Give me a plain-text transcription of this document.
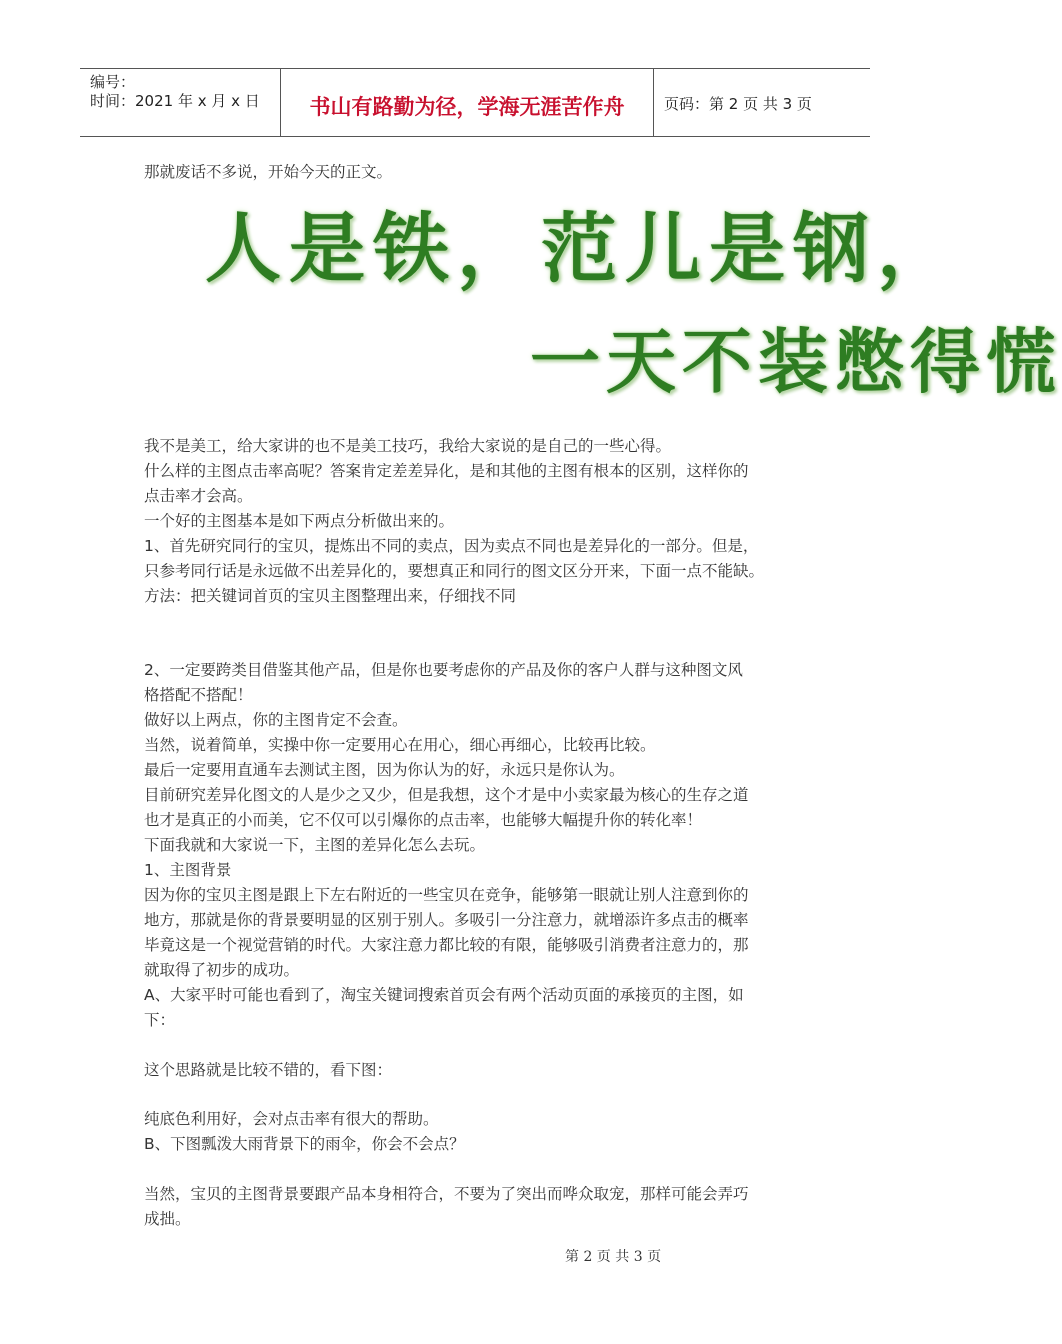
编号：
时间：2021 年 x 月 x 日	书山有路勤为径，学海无涯苦作舟	页码：第 2 页 共 3 页
那就废话不多说，开始今天的正文。
人是铁，范儿是钢，
一天不装憋得慌
我不是美工，给大家讲的也不是美工技巧，我给大家说的是自己的一些心得。
什么样的主图点击率高呢？答案肯定差差异化，是和其他的主图有根本的区别，这样你的
点击率才会高。
一个好的主图基本是如下两点分析做出来的。
1、首先研究同行的宝贝，提炼出不同的卖点，因为卖点不同也是差异化的一部分。但是，
只参考同行话是永远做不出差异化的，要想真正和同行的图文区分开来，下面一点不能缺。
方法：把关键词首页的宝贝主图整理出来，仔细找不同
2、一定要跨类目借鉴其他产品，但是你也要考虑你的产品及你的客户人群与这种图文风
格搭配不搭配！
做好以上两点，你的主图肯定不会查。
当然，说着简单，实操中你一定要用心在用心，细心再细心，比较再比较。
最后一定要用直通车去测试主图，因为你认为的好，永远只是你认为。
目前研究差异化图文的人是少之又少，但是我想，这个才是中小卖家最为核心的生存之道
也才是真正的小而美，它不仅可以引爆你的点击率，也能够大幅提升你的转化率！
下面我就和大家说一下，主图的差异化怎么去玩。
1、主图背景
因为你的宝贝主图是跟上下左右附近的一些宝贝在竞争，能够第一眼就让别人注意到你的
地方，那就是你的背景要明显的区别于别人。多吸引一分注意力，就增添许多点击的概率
毕竟这是一个视觉营销的时代。大家注意力都比较的有限，能够吸引消费者注意力的，那
就取得了初步的成功。
A、大家平时可能也看到了，淘宝关键词搜索首页会有两个活动页面的承接页的主图，如
下：
这个思路就是比较不错的，看下图：
纯底色利用好，会对点击率有很大的帮助。
B、下图瓢泼大雨背景下的雨伞，你会不会点？
当然，宝贝的主图背景要跟产品本身相符合，不要为了突出而哗众取宠，那样可能会弄巧
成拙。
第 2 页 共 3 页
